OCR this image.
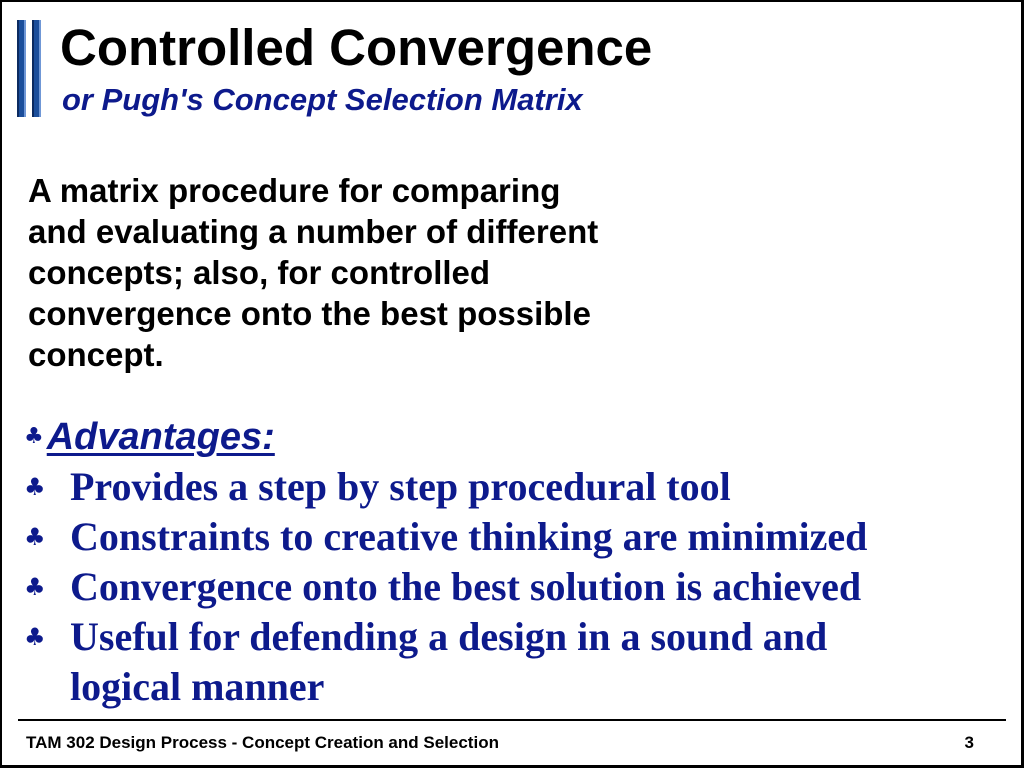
Controlled Convergence
or Pugh's Concept Selection Matrix
A matrix procedure for comparing
and evaluating a number of different
concepts; also, for controlled
convergence onto the best possible
concept.
♣Advantages:
♣ Provides a step by step procedural tool
♣ Constraints to creative thinking are minimized
♣ Convergence onto the best solution is achieved
♣ Useful for defending a design in a sound and
logical manner
TAM 302 Design Process - Concept Creation and Selection	3
